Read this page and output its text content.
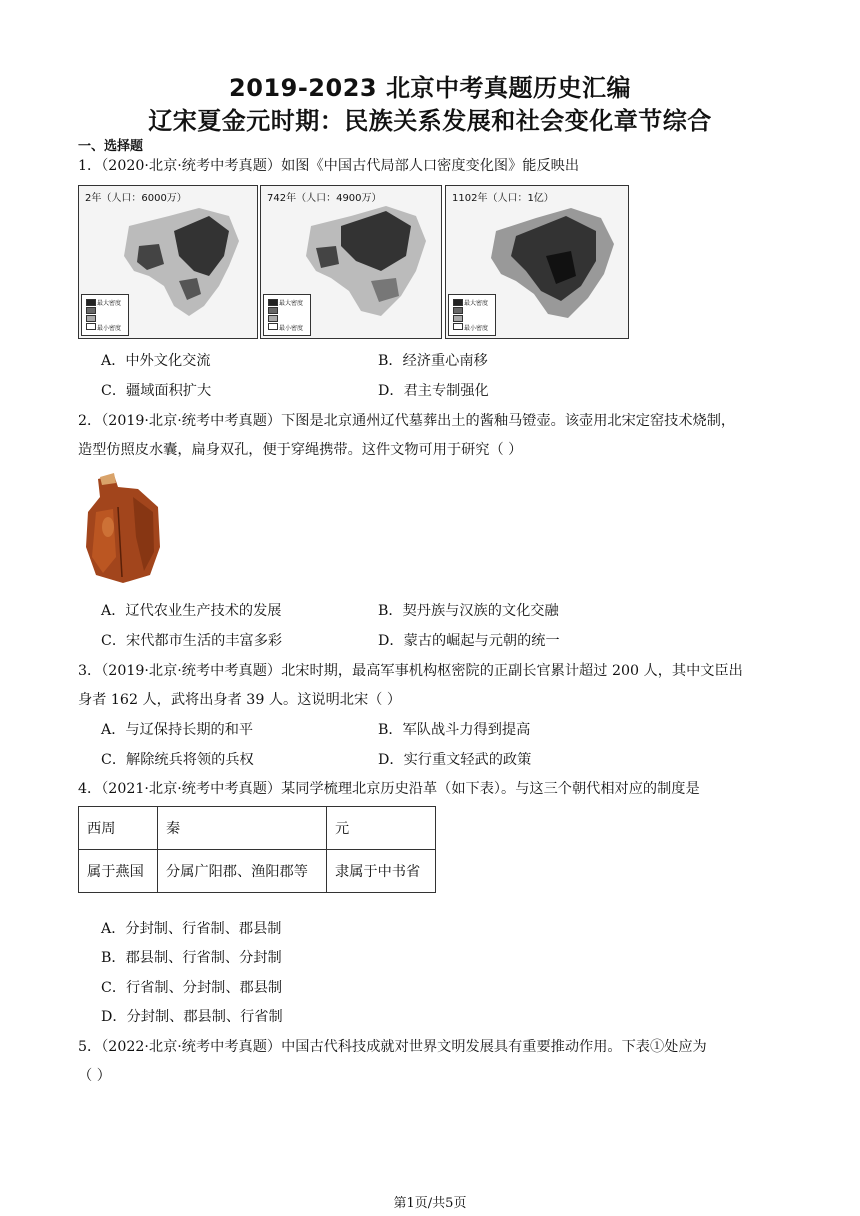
2019-2023 北京中考真题历史汇编
辽宋夏金元时期：民族关系发展和社会变化章节综合
一、选择题
1．（2020·北京·统考中考真题）如图《中国古代局部人口密度变化图》能反映出
2年（人口：6000万）
最大密度
最小密度
742年（人口：4900万）
最大密度
最小密度
1102年（人口：1亿）
最大密度
最小密度
A．中外文化交流	B．经济重心南移
C．疆域面积扩大	D．君主专制强化
2．（2019·北京·统考中考真题）下图是北京通州辽代墓葬出土的酱釉马镫壶。该壶用北宋定窑技术烧制，
造型仿照皮水囊，扁身双孔，便于穿绳携带。这件文物可用于研究（ ）
A．辽代农业生产技术的发展	B．契丹族与汉族的文化交融
C．宋代都市生活的丰富多彩	D．蒙古的崛起与元朝的统一
3．（2019·北京·统考中考真题）北宋时期，最高军事机构枢密院的正副长官累计超过 200 人，其中文臣出
身者 162 人，武将出身者 39 人。这说明北宋（ ）
A．与辽保持长期的和平	B．军队战斗力得到提高
C．解除统兵将领的兵权	D．实行重文轻武的政策
4．（2021·北京·统考中考真题）某同学梳理北京历史沿革（如下表）。与这三个朝代相对应的制度是
西周	秦	元
属于燕国	分属广阳郡、渔阳郡等	隶属于中书省
A．分封制、行省制、郡县制
B．郡县制、行省制、分封制
C．行省制、分封制、郡县制
D．分封制、郡县制、行省制
5．（2022·北京·统考中考真题）中国古代科技成就对世界文明发展具有重要推动作用。下表①处应为
（ ）
第1页/共5页
